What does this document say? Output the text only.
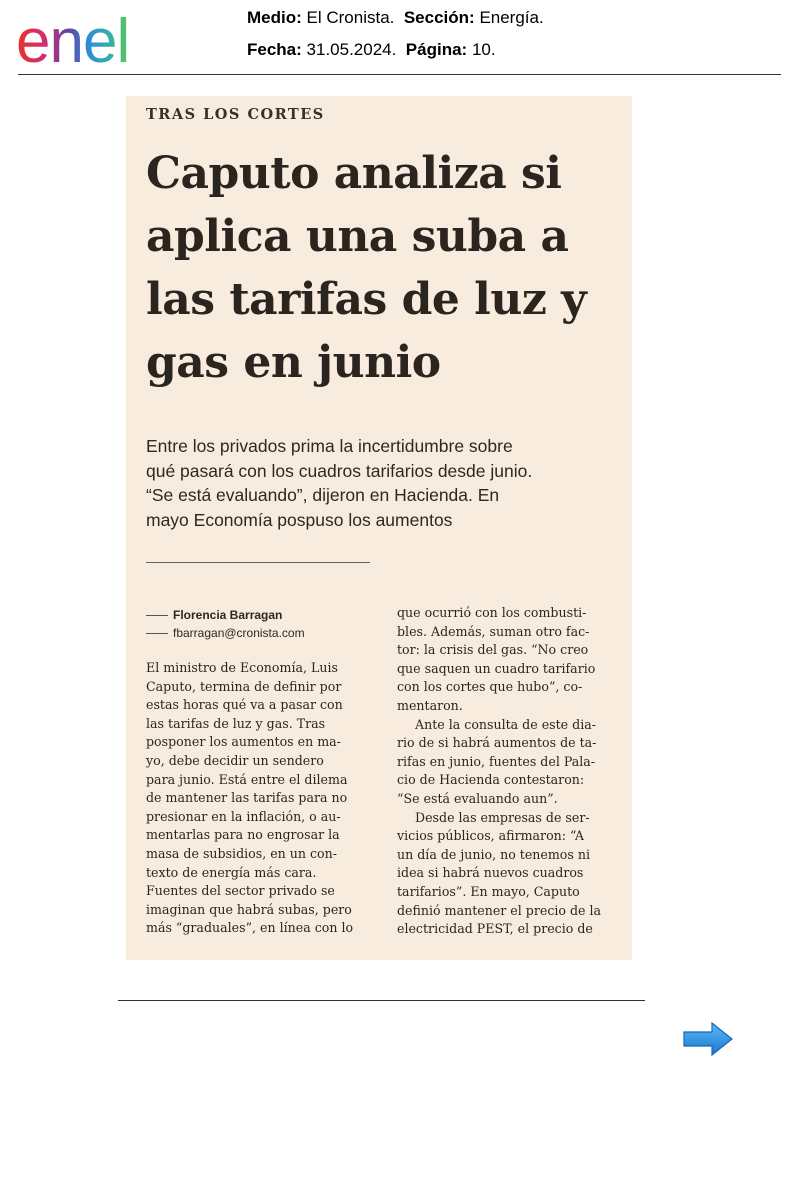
enel	Medio: El Cronista. Sección: Energía.
Fecha: 31.05.2024. Página: 10.
TRAS LOS CORTES
Caputo analiza si
aplica una suba a
las tarifas de luz y
gas en junio
Entre los privados prima la incertidumbre sobre
qué pasará con los cuadros tarifarios desde junio.
“Se está evaluando”, dijeron en Hacienda. En
mayo Economía pospuso los aumentos
Florencia Barragan
fbarragan@cronista.com
El ministro de Economía, Luis
Caputo, termina de definir por
estas horas qué va a pasar con
las tarifas de luz y gas. Tras
posponer los aumentos en ma-
yo, debe decidir un sendero
para junio. Está entre el dilema
de mantener las tarifas para no
presionar en la inflación, o au-
mentarlas para no engrosar la
masa de subsidios, en un con-
texto de energía más cara.
Fuentes del sector privado se
imaginan que habrá subas, pero
más “graduales”, en línea con lo
que ocurrió con los combusti-
bles. Además, suman otro fac-
tor: la crisis del gas. “No creo
que saquen un cuadro tarifario
con los cortes que hubo”, co-
mentaron.
Ante la consulta de este dia-
rio de si habrá aumentos de ta-
rifas en junio, fuentes del Pala-
cio de Hacienda contestaron:
“Se está evaluando aun”.
Desde las empresas de ser-
vicios públicos, afirmaron: “A
un día de junio, no tenemos ni
idea si habrá nuevos cuadros
tarifarios”. En mayo, Caputo
definió mantener el precio de la
electricidad PEST, el precio de
